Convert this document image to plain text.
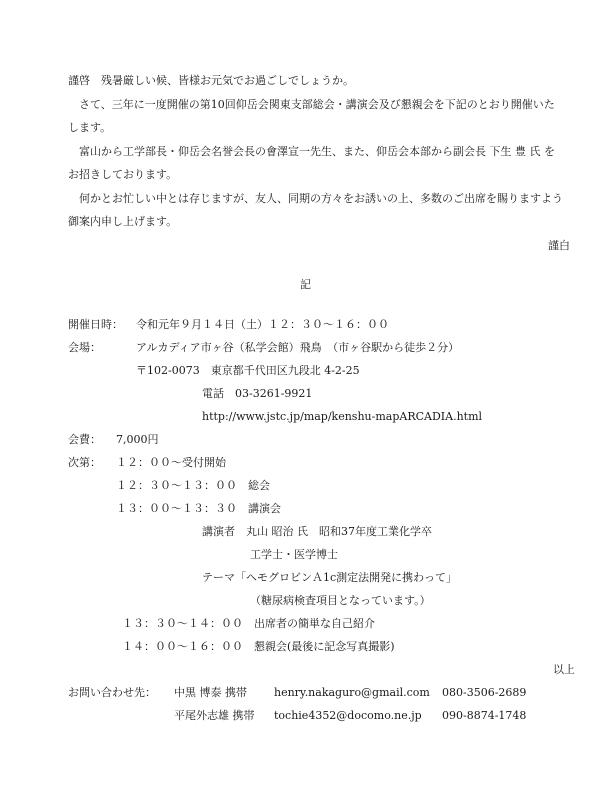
謹啓　残暑厳しい候、皆様お元気でお過ごしでしょうか。
　さて、三年に一度開催の第10回仰岳会関東支部総会・講演会及び懇親会を下記のとおり開催いた
します。
　富山から工学部長・仰岳会名誉会長の會澤宣一先生、また、仰岳会本部から副会長 下生 豊 氏 を
お招きしております。
　何かとお忙しい中とは存じますが、友人、同期の方々をお誘いの上、多数のご出席を賜りますよう
御案内申し上げます。
謹白
記
開催日時： 令和元年９月１４日（土）１２：３０〜１６：００
会場：	アルカディア市ヶ谷（私学会館）飛鳥　（市ヶ谷駅から徒歩２分）
〒102-0073　東京都千代田区九段北 4-2-25
電話　03-3261-9921
http://www.jstc.jp/map/kenshu-mapARCADIA.html
会費： 7,000円
次第： １２：００〜受付開始
１２：３０〜１３：００　総会
１３：００〜１３：３０　講演会
講演者　丸山 昭治 氏　昭和37年度工業化学卒
工学士・医学博士
テーマ「ヘモグロビンＡ1c測定法開発に携わって」
（糖尿病検査項目となっています。）
１３：３０〜１４：００　出席者の簡単な自己紹介
１４：００〜１６：００　懇親会(最後に記念写真撮影)
以上
お問い合わせ先： 中黒 博泰 携帯 henry.nakaguro@gmail.com 080-3506-2689
平尾外志雄 携帯 tochie4352@docomo.ne.jp 090-8874-1748
